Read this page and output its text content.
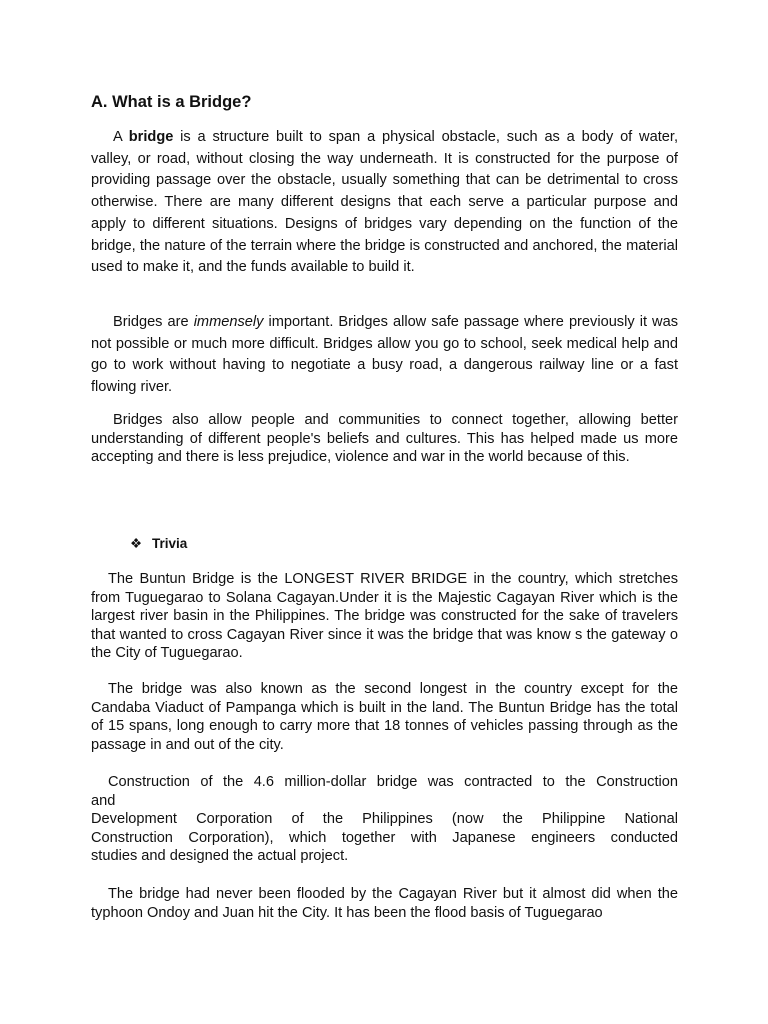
A. What is a Bridge?

A bridge is a structure built to span a physical obstacle, such as a body of water, valley, or road, without closing the way underneath. It is constructed for the purpose of providing passage over the obstacle, usually something that can be detrimental to cross otherwise. There are many different designs that each serve a particular purpose and apply to different situations. Designs of bridges vary depending on the function of the bridge, the nature of the terrain where the bridge is constructed and anchored, the material used to make it, and the funds available to build it.

Bridges are immensely important. Bridges allow safe passage where previously it was not possible or much more difficult. Bridges allow you go to school, seek medical help and go to work without having to negotiate a busy road, a dangerous railway line or a fast flowing river.

Bridges also allow people and communities to connect together, allowing better understanding of different people's beliefs and cultures. This has helped made us more accepting and there is less prejudice, violence and war in the world because of this.

❖ Trivia

The Buntun Bridge is the LONGEST RIVER BRIDGE in the country, which stretches from Tuguegarao to Solana Cagayan.Under it is the Majestic Cagayan River which is the largest river basin in the Philippines. The bridge was constructed for the sake of travelers that wanted to cross Cagayan River since it was the bridge that was know s the gateway o the City of Tuguegarao.

The bridge was also known as the second longest in the country except for the Candaba Viaduct of Pampanga which is built in the land. The Buntun Bridge has the total of 15 spans, long enough to carry more that 18 tonnes of vehicles passing through as the passage in and out of the city.

Construction of the 4.6 million-dollar bridge was contracted to the Construction
and
Development Corporation of the Philippines (now the Philippine National
Construction Corporation), which together with Japanese engineers conducted
studies and designed the actual project.

The bridge had never been flooded by the Cagayan River but it almost did when the typhoon Ondoy and Juan hit the City. It has been the flood basis of Tuguegarao
